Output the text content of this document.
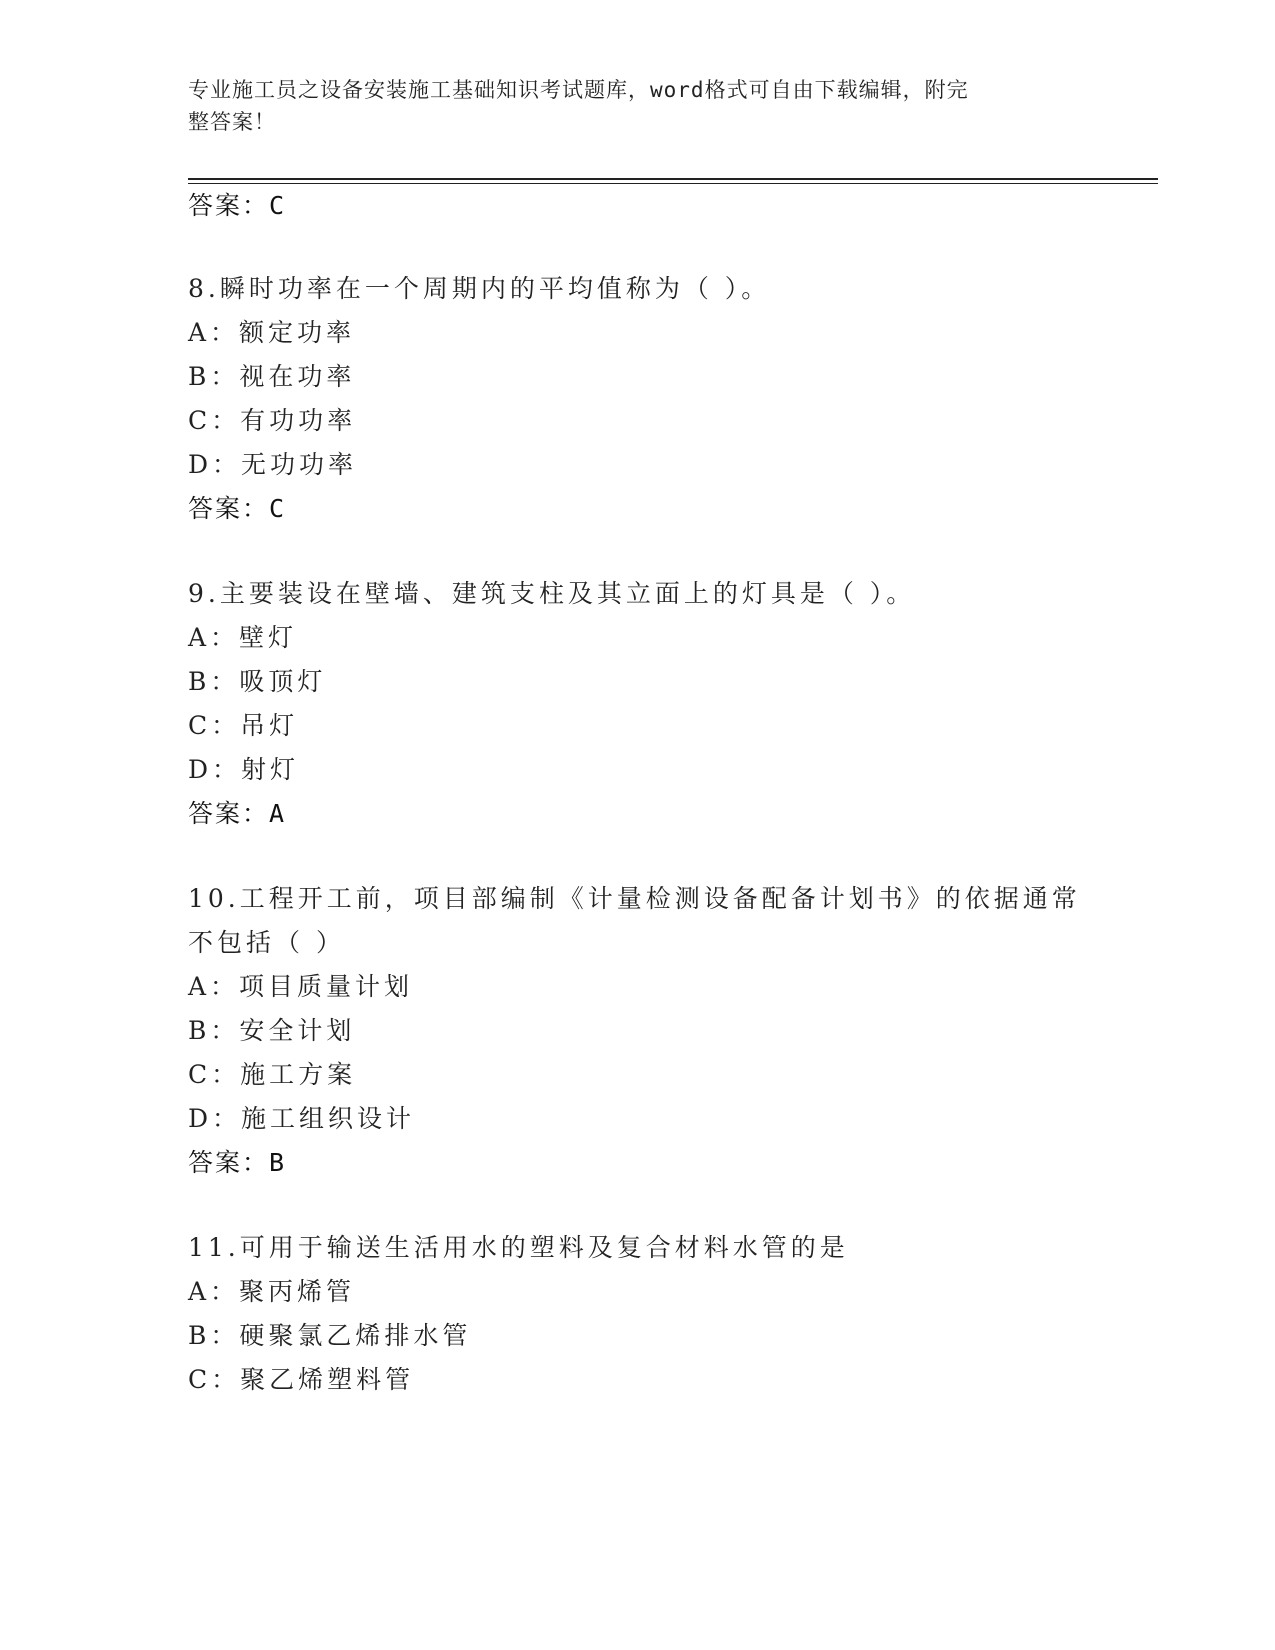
专业施工员之设备安装施工基础知识考试题库，word格式可自由下载编辑，附完
整答案！
答案：C
8.瞬时功率在一个周期内的平均值称为（ ）。
A：额定功率
B：视在功率
C：有功功率
D：无功功率
答案：C
9.主要装设在壁墙、建筑支柱及其立面上的灯具是（ ）。
A：壁灯
B：吸顶灯
C：吊灯
D：射灯
答案：A
10.工程开工前，项目部编制《计量检测设备配备计划书》的依据通常
不包括（ ）
A：项目质量计划
B：安全计划
C：施工方案
D：施工组织设计
答案：B
11.可用于输送生活用水的塑料及复合材料水管的是
A：聚丙烯管
B：硬聚氯乙烯排水管
C：聚乙烯塑料管
